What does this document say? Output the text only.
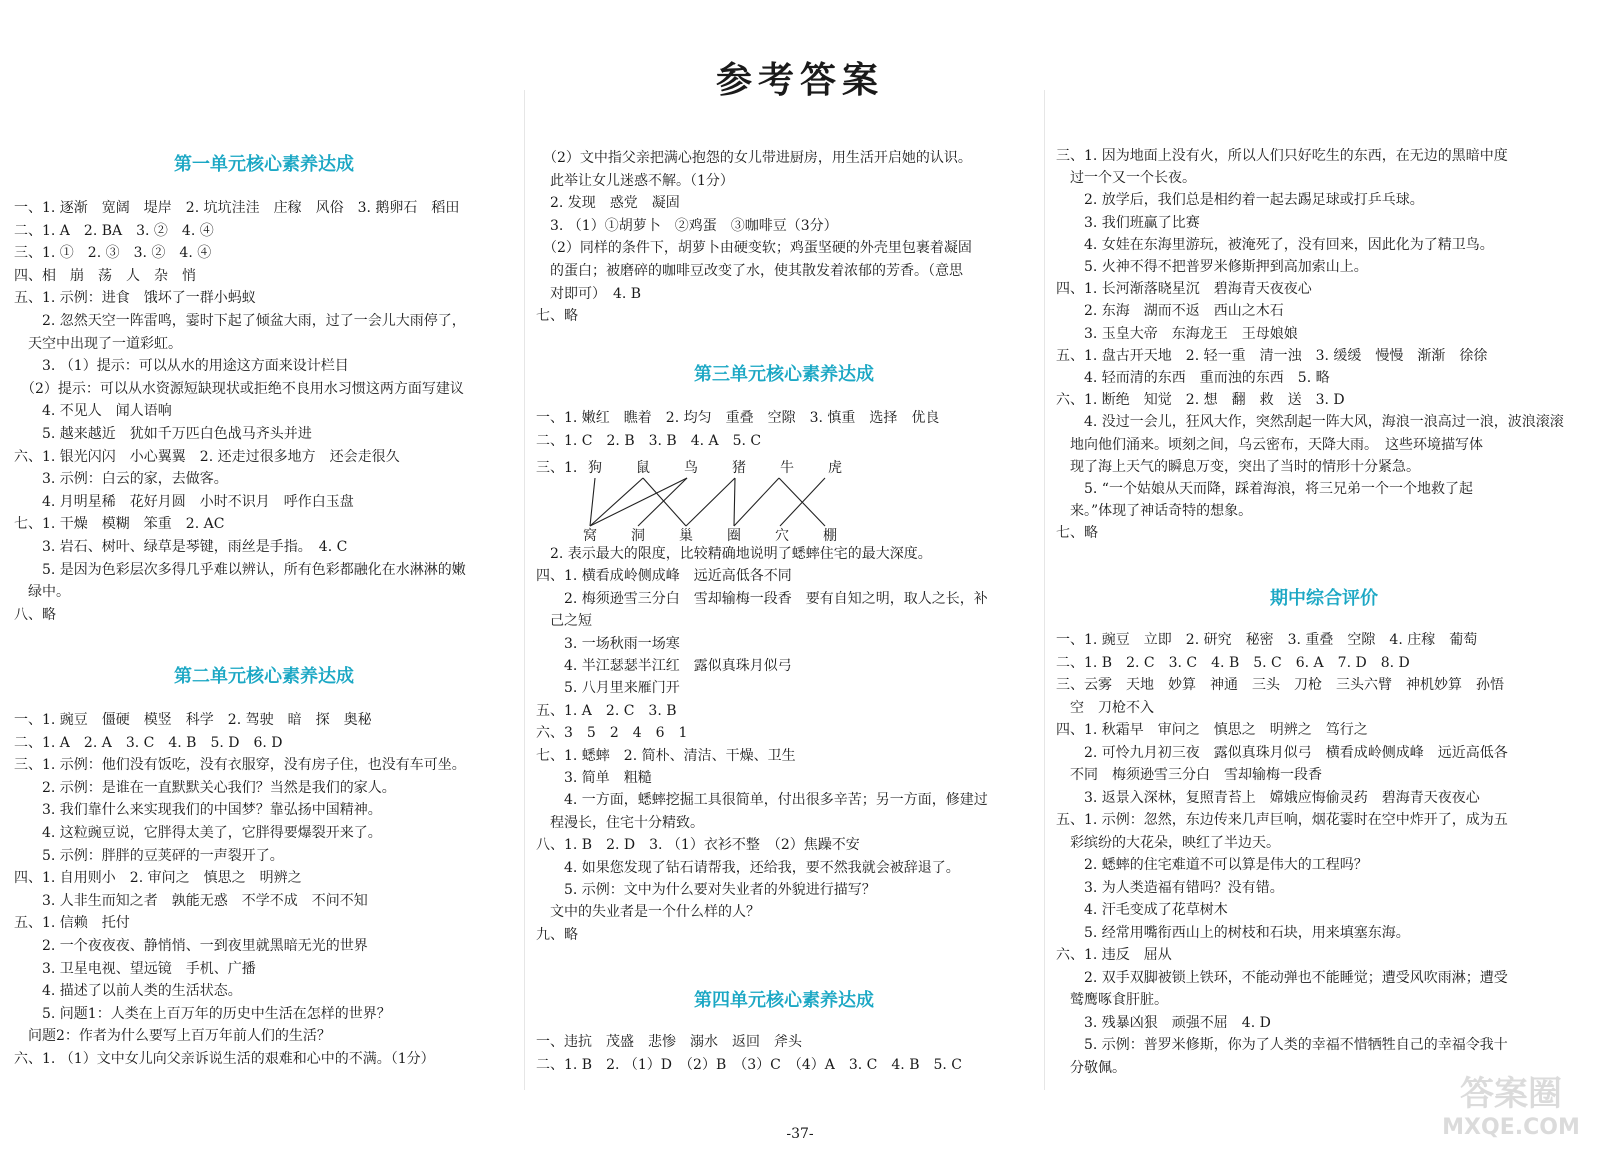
参考答案
第一单元核心素养达成
一、1. 逐渐　宽阔　堤岸　2. 坑坑洼洼　庄稼　风俗　3. 鹅卵石　稻田
二、1. A　2. BA　3. ②　4. ④
三、1. ①　2. ③　3. ②　4. ④
四、相　崩　荡　人　杂　悄
五、1. 示例：进食　饿坏了一群小蚂蚁
　　2. 忽然天空一阵雷鸣，霎时下起了倾盆大雨，过了一会儿大雨停了，
　天空中出现了一道彩虹。
　　3. （1）提示：可以从水的用途这方面来设计栏目
　（2）提示：可以从水资源短缺现状或拒绝不良用水习惯这两方面写建议
　　4. 不见人　闻人语响
　　5. 越来越近　犹如千万匹白色战马齐头并进
六、1. 银光闪闪　小心翼翼　2. 还走过很多地方　还会走很久
　　3. 示例：白云的家，去做客。
　　4. 月明星稀　花好月圆　小时不识月　呼作白玉盘
七、1. 干燥　模糊　笨重　2. AC
　　3. 岩石、树叶、绿草是琴键，雨丝是手指。　4. C
　　5. 是因为色彩层次多得几乎难以辨认，所有色彩都融化在水淋淋的嫩
　绿中。
八、略
第二单元核心素养达成
一、1. 豌豆　僵硬　模竖　科学　2. 驾驶　暗　探　奥秘
二、1. A　2. A　3. C　4. B　5. D　6. D
三、1. 示例：他们没有饭吃，没有衣服穿，没有房子住，也没有车可坐。
　　2. 示例：是谁在一直默默关心我们？当然是我们的家人。
　　3. 我们靠什么来实现我们的中国梦？靠弘扬中国精神。
　　4. 这粒豌豆说，它胖得太美了，它胖得要爆裂开来了。
　　5. 示例：胖胖的豆荚砰的一声裂开了。
四、1. 自用则小　2. 审问之　慎思之　明辨之
　　3. 人非生而知之者　孰能无惑　不学不成　不问不知
五、1. 信赖　托付
　　2. 一个夜夜夜、静悄悄、一到夜里就黑暗无光的世界
　　3. 卫星电视、望远镜　手机、广播
　　4. 描述了以前人类的生活状态。
　　5. 问题1：人类在上百万年的历史中生活在怎样的世界？
　问题2：作者为什么要写上百万年前人们的生活？
六、1. （1）文中女儿向父亲诉说生活的艰难和心中的不满。（1分）
　（2）文中指父亲把满心抱怨的女儿带进厨房，用生活开启她的认识。
　此举让女儿迷惑不解。（1分）
　2. 发现　惑党　凝固
　3. （1）①胡萝卜　②鸡蛋　③咖啡豆（3分）
　（2）同样的条件下，胡萝卜由硬变软；鸡蛋坚硬的外壳里包裹着凝固
　的蛋白；被磨碎的咖啡豆改变了水，使其散发着浓郁的芳香。（意思
　对即可）　4. B
七、略
第三单元核心素养达成
一、1. 嫩红　瞧着　2. 均匀　重叠　空隙　3. 慎重　选择　优良
二、1. C　2. B　3. B　4. A　5. C
三、1. 狗 鼠 鸟 猪 牛 虎
窝 洞 巢 圈 穴 棚
　2. 表示最大的限度，比较精确地说明了蟋蟀住宅的最大深度。
四、1. 横看成岭侧成峰　远近高低各不同
　　2. 梅须逊雪三分白　雪却输梅一段香　要有自知之明，取人之长，补
　己之短
　　3. 一场秋雨一场寒
　　4. 半江瑟瑟半江红　露似真珠月似弓
　　5. 八月里来雁门开
五、1. A　2. C　3. B
六、3　5　2　4　6　1
七、1. 蟋蟀　2. 简朴、清洁、干燥、卫生
　　3. 简单　粗糙
　　4. 一方面，蟋蟀挖掘工具很简单，付出很多辛苦；另一方面，修建过
　程漫长，住宅十分精致。
八、1. B　2. D　3. （1）衣衫不整　（2）焦躁不安
　　4. 如果您发现了钻石请帮我，还给我，要不然我就会被辞退了。
　　5. 示例：文中为什么要对失业者的外貌进行描写？
　文中的失业者是一个什么样的人？
九、略
第四单元核心素养达成
一、违抗　茂盛　悲惨　溺水　返回　斧头
二、1. B　2. （1）D　（2）B　（3）C　（4）A　3. C　4. B　5. C
三、1. 因为地面上没有火，所以人们只好吃生的东西，在无边的黑暗中度
　过一个又一个长夜。
　　2. 放学后，我们总是相约着一起去踢足球或打乒乓球。
　　3. 我们班赢了比赛
　　4. 女娃在东海里游玩，被淹死了，没有回来，因此化为了精卫鸟。
　　5. 火神不得不把普罗米修斯押到高加索山上。
四、1. 长河渐落晓星沉　碧海青天夜夜心
　　2. 东海　湖而不返　西山之木石
　　3. 玉皇大帝　东海龙王　王母娘娘
五、1. 盘古开天地　2. 轻一重　清一浊　3. 缓缓　慢慢　渐渐　徐徐
　　4. 轻而清的东西　重而浊的东西　5. 略
六、1. 断绝　知觉　2. 想　翻　救　送　3. D
　　4. 没过一会儿，狂风大作，突然刮起一阵大风，海浪一浪高过一浪，波浪滚滚
　地向他们涌来。顷刻之间，乌云密布，天降大雨。　这些环境描写体
　现了海上天气的瞬息万变，突出了当时的情形十分紧急。
　　5. “一个姑娘从天而降，踩着海浪，将三兄弟一个一个地救了起
　来。”体现了神话奇特的想象。
七、略
期中综合评价
一、1. 豌豆　立即　2. 研究　秘密　3. 重叠　空隙　4. 庄稼　葡萄
二、1. B　2. C　3. C　4. B　5. C　6. A　7. D　8. D
三、云雾　天地　妙算　神通　三头　刀枪　三头六臂　神机妙算　孙悟
　空　刀枪不入
四、1. 秋霜早　审问之　慎思之　明辨之　笃行之
　　2. 可怜九月初三夜　露似真珠月似弓　横看成岭侧成峰　远近高低各
　不同　梅须逊雪三分白　雪却输梅一段香
　　3. 返景入深林，复照青苔上　嫦娥应悔偷灵药　碧海青天夜夜心
五、1. 示例：忽然，东边传来几声巨响，烟花霎时在空中炸开了，成为五
　彩缤纷的大花朵，映红了半边天。
　　2. 蟋蟀的住宅难道不可以算是伟大的工程吗？
　　3. 为人类造福有错吗？没有错。
　　4. 汗毛变成了花草树木
　　5. 经常用嘴衔西山上的树枝和石块，用来填塞东海。
六、1. 违反　屈从
　　2. 双手双脚被锁上铁环，不能动弹也不能睡觉；遭受风吹雨淋；遭受
　鹫鹰啄食肝脏。
　　3. 残暴凶狠　顽强不屈　4. D
　　5. 示例：普罗米修斯，你为了人类的幸福不惜牺牲自己的幸福令我十
　分敬佩。
-37-
答案圈
MXQE.COM
